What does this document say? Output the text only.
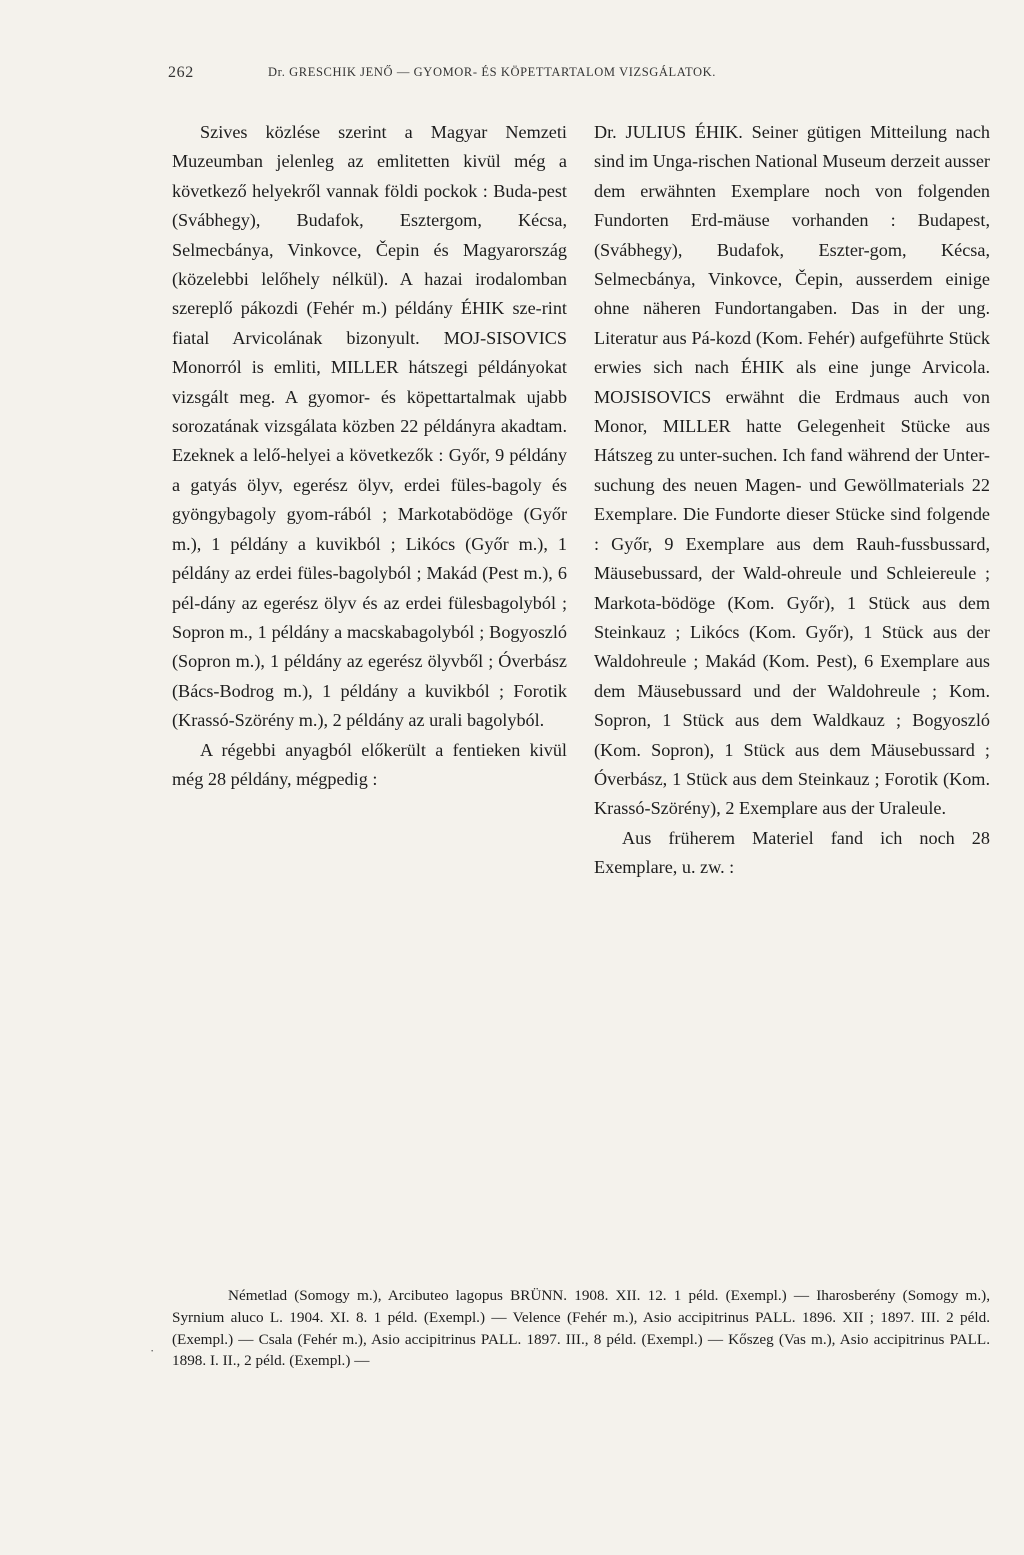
262	Dr. GRESCHIK JENŐ — GYOMOR- ÉS KÖPETTARTALOM VIZSGÁLATOK.

Szives közlése szerint a Magyar Nemzeti Muzeumban jelenleg az emlitetten kivül még a következő helyekről vannak földi pockok : Buda-pest (Svábhegy), Budafok, Esztergom, Kécsa, Selmecbánya, Vinkovce, Čepin és Magyarország (közelebbi lelőhely nélkül). A hazai irodalomban szereplő pákozdi (Fehér m.) példány ÉHIK sze-rint fiatal Arvicolának bizonyult. MOJ-SISOVICS Monorról is emliti, MILLER hátszegi példányokat vizsgált meg. A gyomor- és köpettartalmak ujabb sorozatának vizsgálata közben 22 példányra akadtam. Ezeknek a lelő-helyei a következők : Győr, 9 példány a gatyás ölyv, egerész ölyv, erdei füles-bagoly és gyöngybagoly gyom-rából ; Markotabödöge (Győr m.), 1 példány a kuvikból ; Likócs (Győr m.), 1 példány az erdei füles-bagolyból ; Makád (Pest m.), 6 pél-dány az egerész ölyv és az erdei fülesbagolyból ; Sopron m., 1 példány a macskabagolyból ; Bogyoszló (Sopron m.), 1 példány az egerész ölyvből ; Óverbász (Bács-Bodrog m.), 1 példány a kuvikból ; Forotik (Krassó-Szörény m.), 2 példány az urali bagolyból.

A régebbi anyagból előkerült a fentieken kivül még 28 példány, mégpedig :

Dr. JULIUS ÉHIK. Seiner gütigen Mitteilung nach sind im Unga-rischen National Museum derzeit ausser dem erwähnten Exemplare noch von folgenden Fundorten Erd-mäuse vorhanden : Budapest, (Svábhegy), Budafok, Eszter-gom, Kécsa, Selmecbánya, Vinkovce, Čepin, ausserdem einige ohne näheren Fundortangaben. Das in der ung. Literatur aus Pá-kozd (Kom. Fehér) aufgeführte Stück erwies sich nach ÉHIK als eine junge Arvicola. MOJSISOVICS erwähnt die Erdmaus auch von Monor, MILLER hatte Gelegenheit Stücke aus Hátszeg zu unter-suchen. Ich fand während der Unter-suchung des neuen Magen- und Gewöllmaterials 22 Exemplare. Die Fundorte dieser Stücke sind folgende : Győr, 9 Exemplare aus dem Rauh-fussbussard, Mäusebussard, der Wald-ohreule und Schleiereule ; Markota-bödöge (Kom. Győr), 1 Stück aus dem Steinkauz ; Likócs (Kom. Győr), 1 Stück aus der Waldohreule ; Makád (Kom. Pest), 6 Exemplare aus dem Mäusebussard und der Waldohreule ; Kom. Sopron, 1 Stück aus dem Waldkauz ; Bogyoszló (Kom. Sopron), 1 Stück aus dem Mäusebussard ; Óverbász, 1 Stück aus dem Steinkauz ; Forotik (Kom. Krassó-Szörény), 2 Exemplare aus der Uraleule.

Aus früherem Materiel fand ich noch 28 Exemplare, u. zw. :

·

Németlad (Somogy m.), Arcibuteo lagopus BRÜNN. 1908. XII. 12. 1 péld. (Exempl.) — Iharosberény (Somogy m.), Syrnium aluco L. 1904. XI. 8. 1 péld. (Exempl.) — Velence (Fehér m.), Asio accipitrinus PALL. 1896. XII ; 1897. III. 2 péld. (Exempl.) — Csala (Fehér m.), Asio accipitrinus PALL. 1897. III., 8 péld. (Exempl.) — Kőszeg (Vas m.), Asio accipitrinus PALL. 1898. I. II., 2 péld. (Exempl.) —
